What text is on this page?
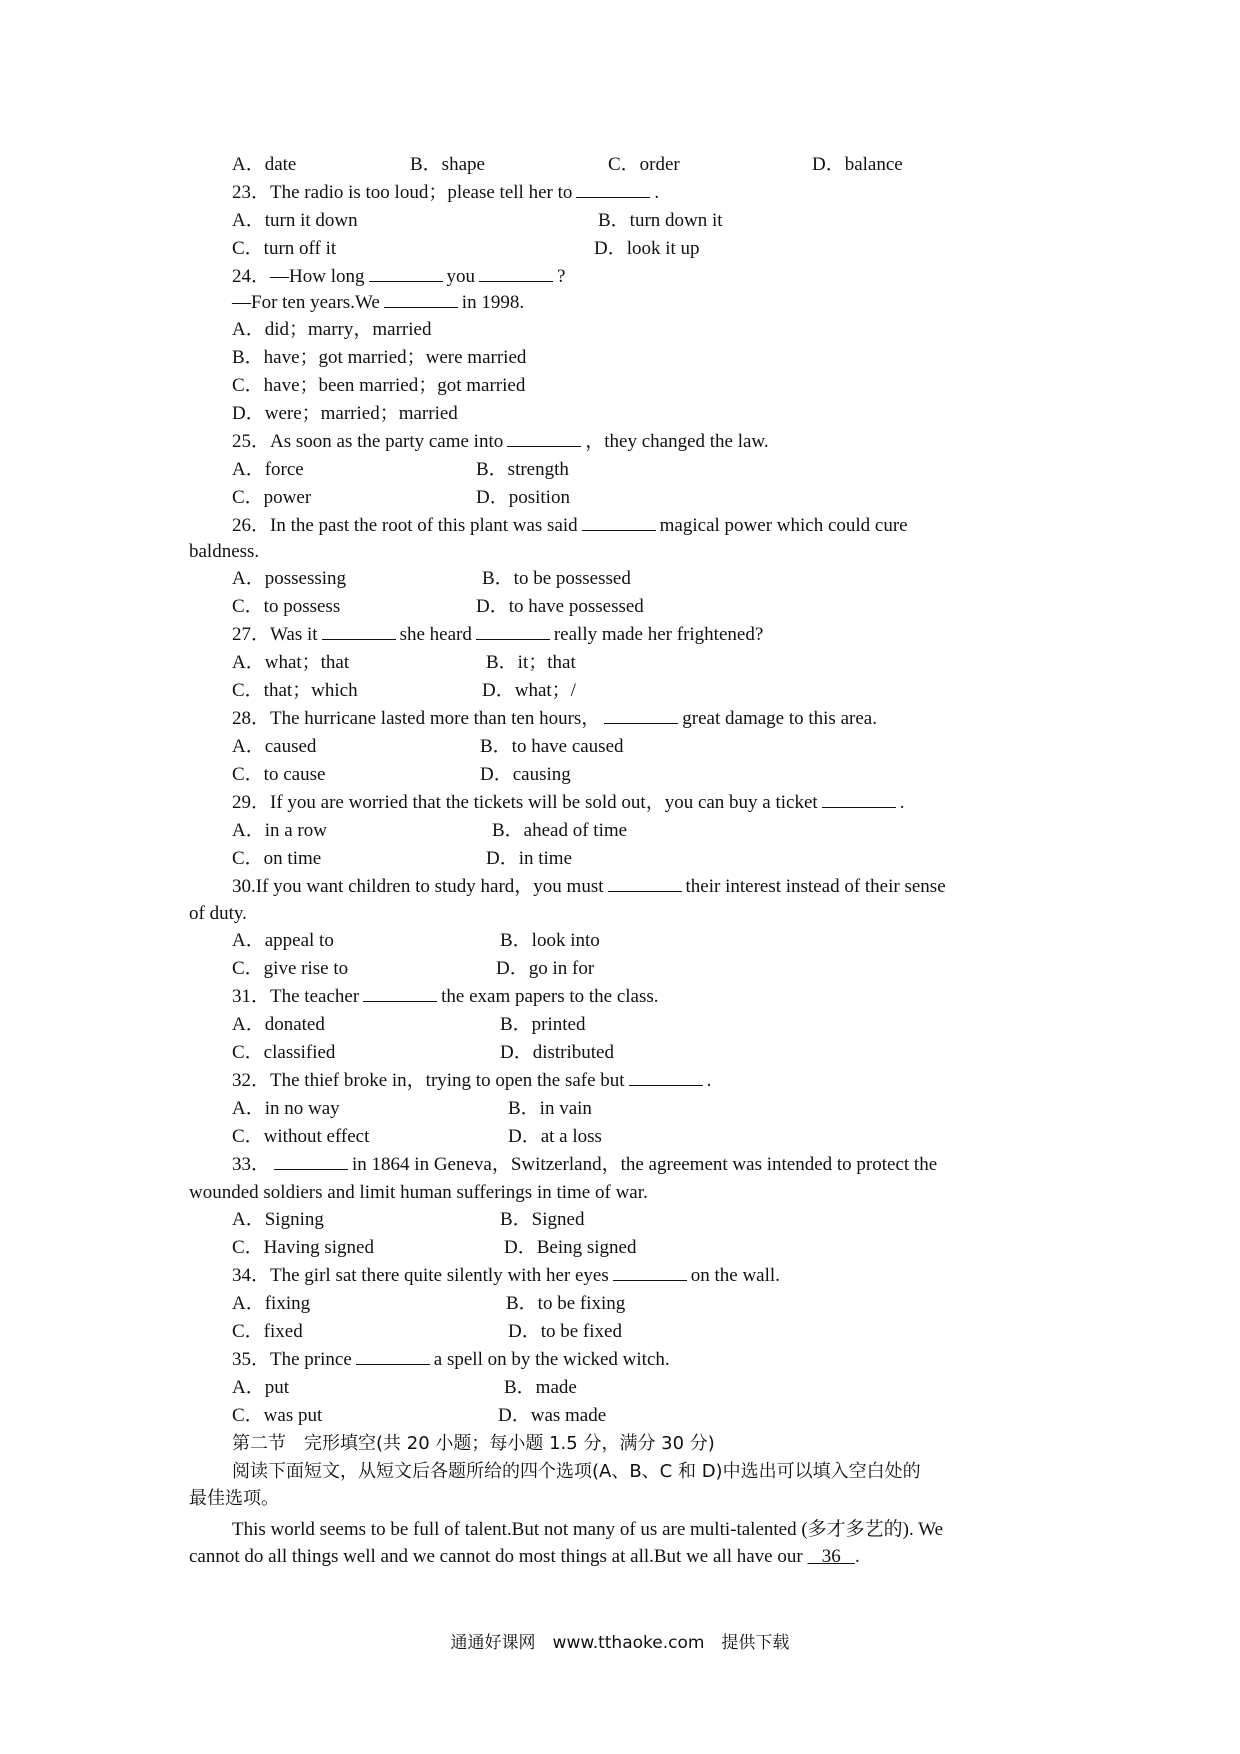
A．date	B．shape	C．order	D．balance
23．The radio is too loud；please tell her to	.
A．turn it down	B．turn down it
C．turn off it	D．look it up
24．—How long	you	?
—For ten years.We	in 1998.
A．did；marry，married
B．have；got married；were married
C．have；been married；got married
D．were；married；married
25．As soon as the party came into	，they changed the law.
A．force	B．strength
C．power	D．position
26．In the past the root of this plant was said	magical power which could cure
baldness.
A．possessing	B．to be possessed
C．to possess	D．to have possessed
27．Was it	she heard	really made her frightened?
A．what；that	B．it；that
C．that；which	D．what；/
28．The hurricane lasted more than ten hours，	great damage to this area.
A．caused	B．to have caused
C．to cause	D．causing
29．If you are worried that the tickets will be sold out，you can buy a ticket	.
A．in a row	B．ahead of time
C．on time	D．in time
30.If you want children to study hard，you must	their interest instead of their sense
of duty.
A．appeal to	B．look into
C．give rise to	D．go in for
31．The teacher	the exam papers to the class.
A．donated	B．printed
C．classified	D．distributed
32．The thief broke in，trying to open the safe but	.
A．in no way	B．in vain
C．without effect	D．at a loss
33．	in 1864 in Geneva，Switzerland，the agreement was intended to protect the
wounded soldiers and limit human sufferings in time of war.
A．Signing	B．Signed
C．Having signed	D．Being signed
34．The girl sat there quite silently with her eyes	on the wall.
A．fixing	B．to be fixing
C．fixed	D．to be fixed
35．The prince	a spell on by the wicked witch.
A．put	B．made
C．was put	D．was made
第二节　完形填空(共 20 小题；每小题 1.5 分，满分 30 分)
阅读下面短文，从短文后各题所给的四个选项(A、B、C 和 D)中选出可以填入空白处的
最佳选项。
This world seems to be full of talent.But not many of us are multi-talented (多才多艺的). We
cannot do all things well and we cannot do most things at all.But we all have our 36 .
通通好课网　www.tthaoke.com　提供下载
